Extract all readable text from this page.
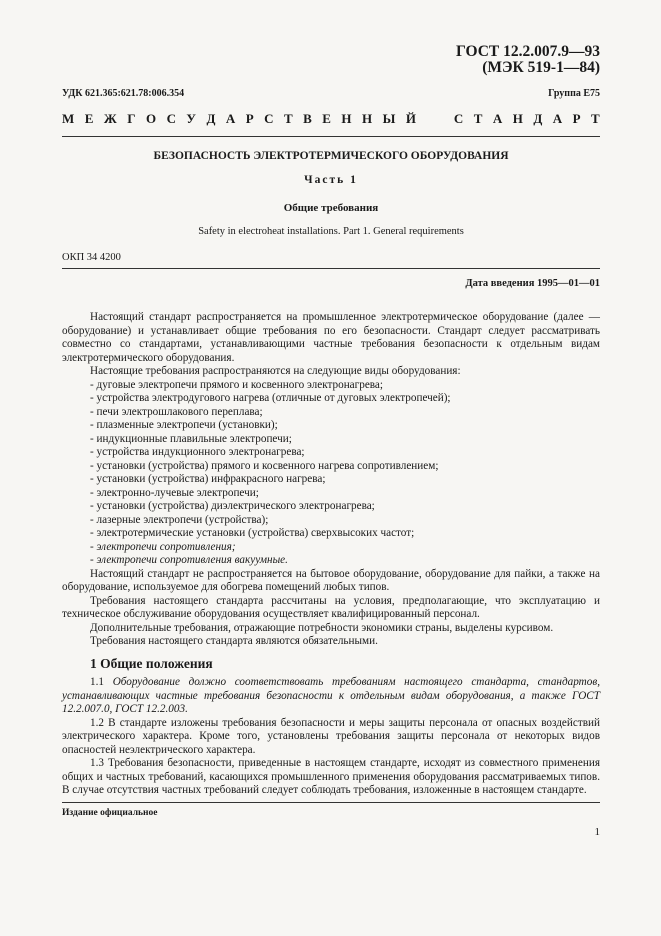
ГОСТ 12.2.007.9—93
(МЭК 519-1—84)
УДК 621.365:621.78:006.354	Группа Е75
М Е Ж Г О С У Д А Р С Т В Е Н Н Ы Й

	С Т А Н Д А Р Т
БЕЗОПАСНОСТЬ ЭЛЕКТРОТЕРМИЧЕСКОГО ОБОРУДОВАНИЯ
Часть 1
Общие требования
Safety in electroheat installations. Part 1. General requirements
ОКП 34 4200
Дата введения 1995—01—01

Настоящий стандарт распространяется на промышленное электротермическое оборудование (далее — оборудование) и устанавливает общие требования по его безопасности. Стандарт следует рассматривать совместно со стандартами, устанавливающими частные требования безопасности к отдельным видам электротермического оборудования.

Настоящие требования распространяются на следующие виды оборудования:

- дуговые электропечи прямого и косвенного электронагрева;

- устройства электродугового нагрева (отличные от дуговых электропечей);

- печи электрошлакового переплава;

- плазменные электропечи (установки);

- индукционные плавильные электропечи;

- устройства индукционного электронагрева;

- установки (устройства) прямого и косвенного нагрева сопротивлением;

- установки (устройства) инфракрасного нагрева;

- электронно-лучевые электропечи;

- установки (устройства) диэлектрического электронагрева;

- лазерные электропечи (устройства);

- электротермические установки (устройства) сверхвысоких частот;

- электропечи сопротивления;

- электропечи сопротивления вакуумные.

Настоящий стандарт не распространяется на бытовое оборудование, оборудование для пайки, а также на оборудование, используемое для обогрева помещений любых типов.

Требования настоящего стандарта рассчитаны на условия, предполагающие, что эксплуатацию и техническое обслуживание оборудования осуществляет квалифицированный персонал.

Дополнительные требования, отражающие потребности экономики страны, выделены курсивом.

Требования настоящего стандарта являются обязательными.

1 Общие положения

1.1 Оборудование должно соответствовать требованиям настоящего стандарта, стандартов, устанавливающих частные требования безопасности к отдельным видам оборудования, а также ГОСТ 12.2.007.0, ГОСТ 12.2.003.

1.2 В стандарте изложены требования безопасности и меры защиты персонала от опасных воздействий электрического характера. Кроме того, установлены требования защиты персонала от некоторых видов опасностей неэлектрического характера.

1.3 Требования безопасности, приведенные в настоящем стандарте, исходят из совместного применения общих и частных требований, касающихся промышленного применения оборудования рассматриваемых типов. В случае отсутствия частных требований следует соблюдать требования, изложенные в настоящем стандарте.

Издание официальное
1
